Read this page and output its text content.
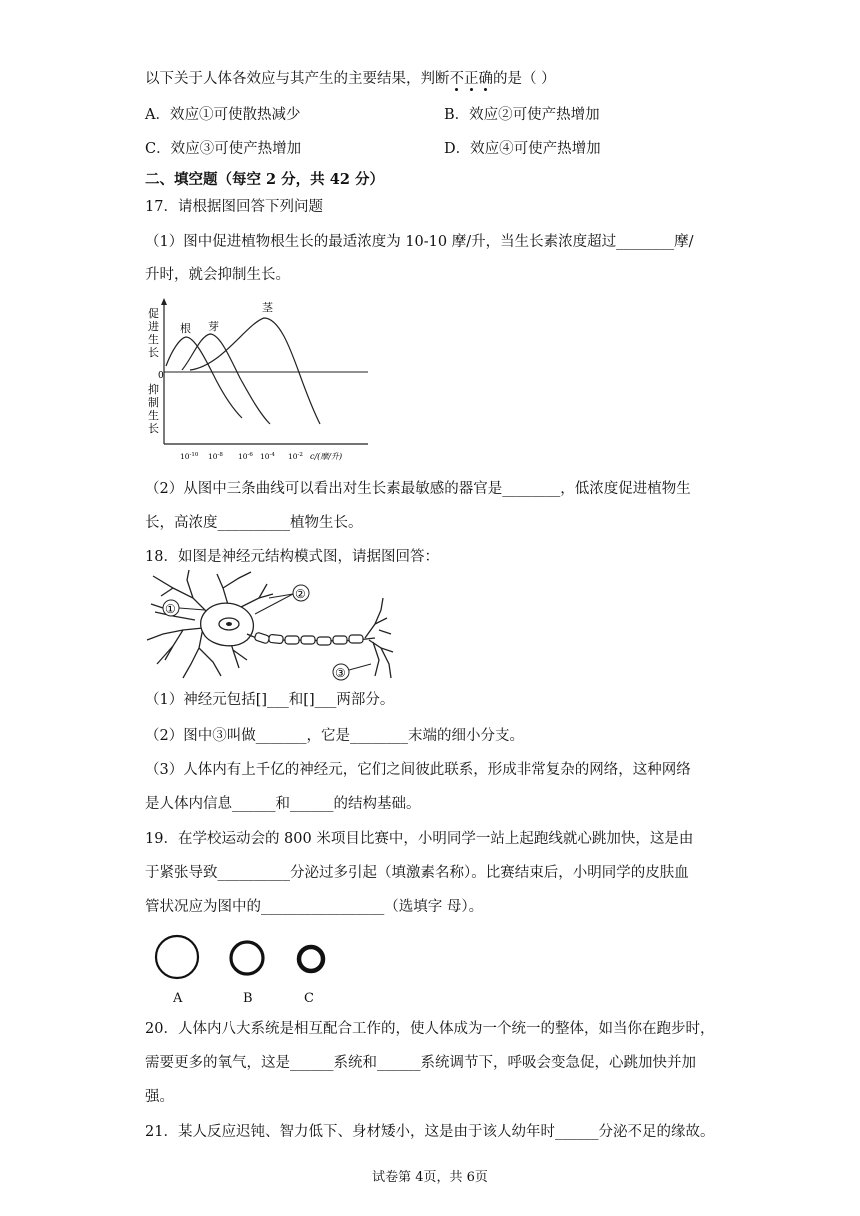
以下关于人体各效应与其产生的主要结果，判断不正确的是（ ）
A．效应①可使散热减少	B．效应②可使产热增加
C．效应③可使产热增加	D．效应④可使产热增加
二、填空题（每空 2 分，共 42 分）
17．请根据图回答下列问题
（1）图中促进植物根生长的最适浓度为 10-10 摩/升，当生长素浓度超过________摩/
升时，就会抑制生长。
促
进
生
长
抑
制
生
长
0
根 芽
茎
$10^{-10}$ $10^{-8}$ $10^{-6}$ $10^{-4}$ $10^{-2}$ c/(摩/升)
（2）从图中三条曲线可以看出对生长素最敏感的器官是________，低浓度促进植物生
长，高浓度__________植物生长。
18．如图是神经元结构模式图，请据图回答：
①
②
③
（1）神经元包括[]___和[]___两部分。
（2）图中③叫做_______，它是________末端的细小分支。
（3）人体内有上千亿的神经元，它们之间彼此联系，形成非常复杂的网络，这种网络
是人体内信息______和______的结构基础。
19．在学校运动会的 800 米项目比赛中，小明同学一站上起跑线就心跳加快，这是由
于紧张导致__________分泌过多引起（填激素名称）。比赛结束后，小明同学的皮肤血
管状况应为图中的_________________（选填字 母）。
A	B	C
20．人体内八大系统是相互配合工作的，使人体成为一个统一的整体，如当你在跑步时，
需要更多的氧气，这是______系统和______系统调节下，呼吸会变急促，心跳加快并加
强。
21．某人反应迟钝、智力低下、身材矮小，这是由于该人幼年时______分泌不足的缘故。
试卷第 4页，共 6页
